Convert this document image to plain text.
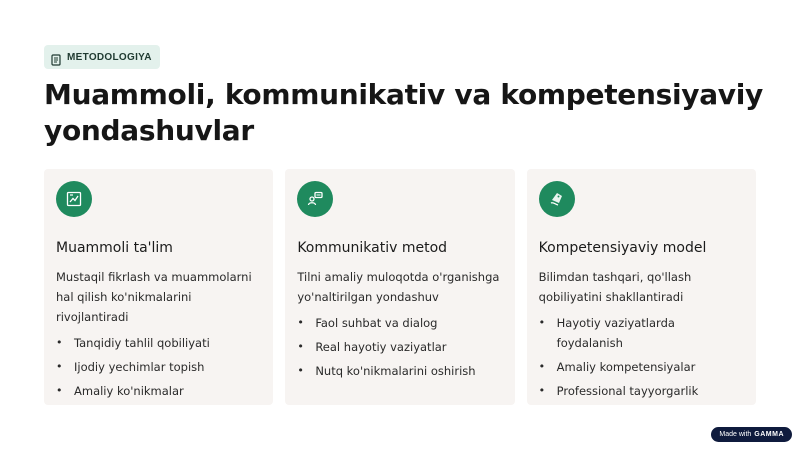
METODOLOGIYA
Muammoli, kommunikativ va kompetensiyaviy yondashuvlar
Muammoli ta'lim
Mustaqil fikrlash va muammolarni hal qilish ko'nikmalarini rivojlantiradi
• Tanqidiy tahlil qobiliyati
• Ijodiy yechimlar topish
• Amaliy ko'nikmalar
Kommunikativ metod
Tilni amaliy muloqotda o'rganishga yo'naltirilgan yondashuv
• Faol suhbat va dialog
• Real hayotiy vaziyatlar
• Nutq ko'nikmalarini oshirish
Kompetensiyaviy model
Bilimdan tashqari, qo'llash qobiliyatini shakllantiradi
• Hayotiy vaziyatlarda foydalanish
• Amaliy kompetensiyalar
• Professional tayyorgarlik
Made with GAMMA
